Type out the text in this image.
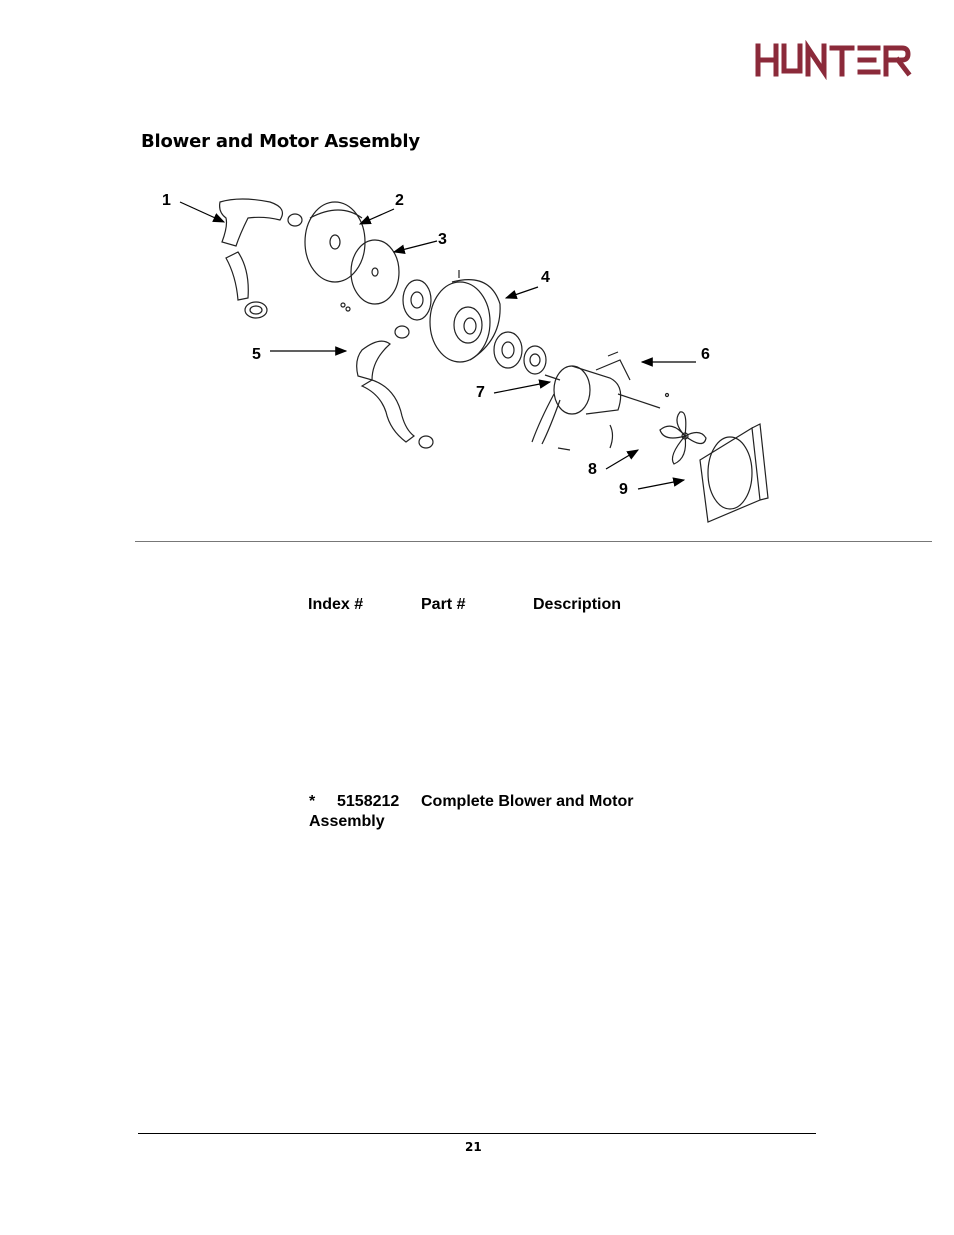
Blower and Motor Assembly
1	2
3
4
5	6
7
8
9
Index #	Part #	Description
* 5158212 Complete Blower and Motor
Assembly
21
